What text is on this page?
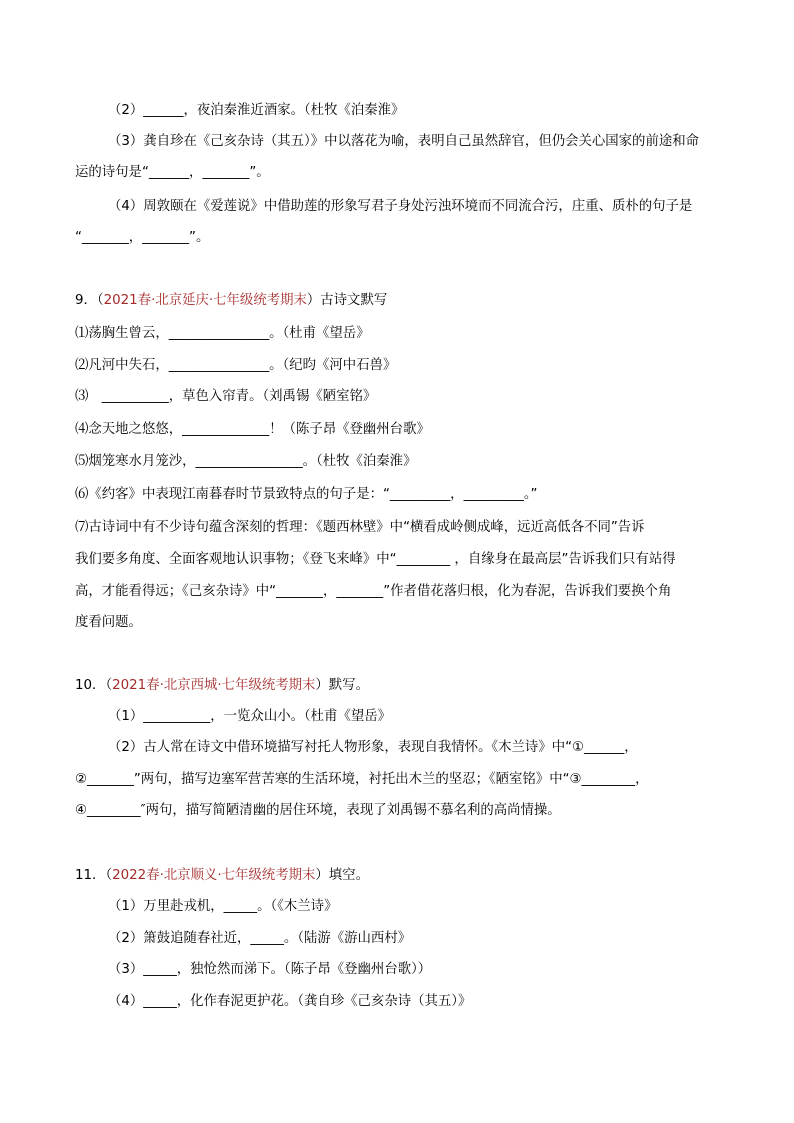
（2）______，夜泊秦淮近酒家。（杜牧《泊秦淮》
（3）龚自珍在《己亥杂诗（其五）》中以落花为喻，表明自己虽然辞官，但仍会关心国家的前途和命
运的诗句是“______，_______”。
（4）周敦颐在《爱莲说》中借助莲的形象写君子身处污浊环境而不同流合污，庄重、质朴的句子是
“_______，_______”。
9．（2021春·北京延庆·七年级统考期末）古诗文默写
⑴荡胸生曾云，_______________。（杜甫《望岳》
⑵凡河中失石，_______________。（纪昀《河中石兽》
⑶　__________，草色入帘青。（刘禹锡《陋室铭》
⑷念天地之悠悠，_____________！（陈子昂《登幽州台歌》
⑸烟笼寒水月笼沙，________________。（杜牧《泊秦淮》
⑹《约客》中表现江南暮春时节景致特点的句子是：“_________，_________。”
⑺古诗词中有不少诗句蕴含深刻的哲理：《题西林壁》中“横看成岭侧成峰，远近高低各不同”告诉
我们要多角度、全面客观地认识事物；《登飞来峰》中“________ ，自缘身在最高层”告诉我们只有站得
高，才能看得远；《己亥杂诗》中“_______，_______”作者借花落归根，化为春泥，告诉我们要换个角
度看问题。
10．（2021春·北京西城·七年级统考期末）默写。
（1）__________，一览众山小。（杜甫《望岳》
（2）古人常在诗文中借环境描写衬托人物形象，表现自我情怀。《木兰诗》中“①______，
②_______”两句，描写边塞军营苦寒的生活环境，衬托出木兰的坚忍；《陋室铭》中“③________，
④________″两句，描写简陋清幽的居住环境，表现了刘禹锡不慕名利的高尚情操。
11．（2022春·北京顺义·七年级统考期末）填空。
（1）万里赴戎机，_____。（《木兰诗》
（2）箫鼓追随春社近，_____。（陆游《游山西村》
（3）_____，独怆然而涕下。（陈子昂《登幽州台歌））
（4）_____，化作春泥更护花。（龚自珍《己亥杂诗（其五）》
